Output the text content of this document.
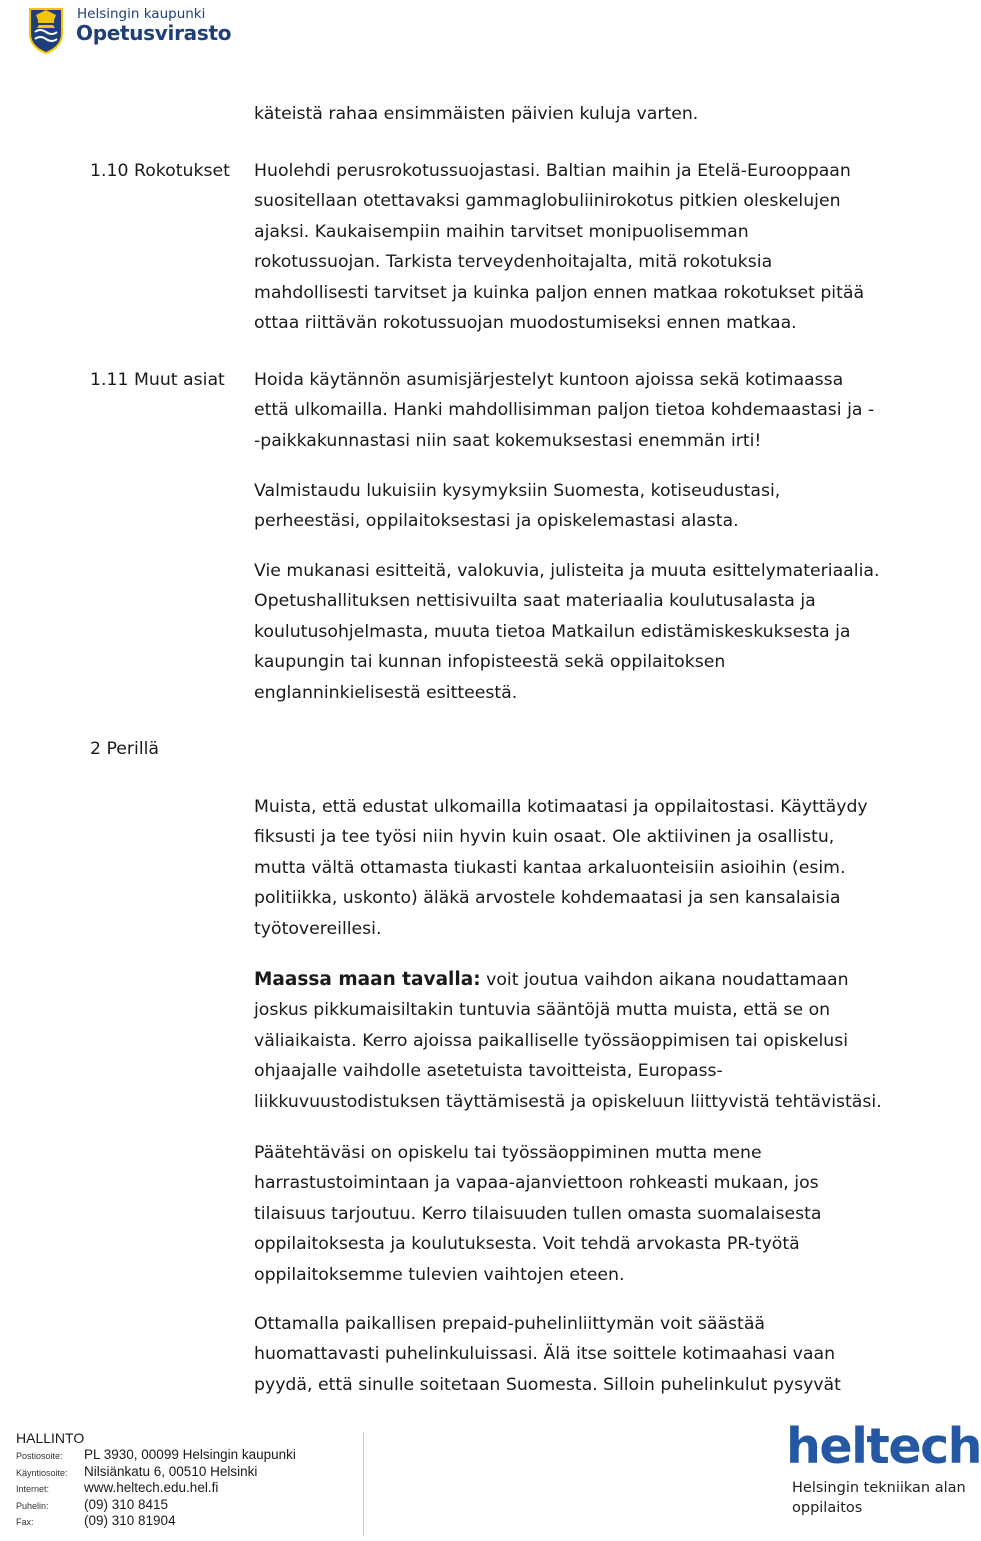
Helsingin kaupunki
Opetusvirasto

käteistä rahaa ensimmäisten päivien kuluja varten.

1.10 Rokotukset Huolehdi perusrokotussuojastasi. Baltian maihin ja Etelä-Eurooppaan

suositellaan otettavaksi gammaglobuliinirokotus pitkien oleskelujen

ajaksi. Kaukaisempiin maihin tarvitset monipuolisemman

rokotussuojan. Tarkista terveydenhoitajalta, mitä rokotuksia

mahdollisesti tarvitset ja kuinka paljon ennen matkaa rokotukset pitää

ottaa riittävän rokotussuojan muodostumiseksi ennen matkaa.

1.11 Muut asiat Hoida käytännön asumisjärjestelyt kuntoon ajoissa sekä kotimaassa

että ulkomailla. Hanki mahdollisimman paljon tietoa kohdemaastasi ja -

-paikkakunnastasi niin saat kokemuksestasi enemmän irti!

Valmistaudu lukuisiin kysymyksiin Suomesta, kotiseudustasi,

perheestäsi, oppilaitoksestasi ja opiskelemastasi alasta.

Vie mukanasi esitteitä, valokuvia, julisteita ja muuta esittelymateriaalia.

Opetushallituksen nettisivuilta saat materiaalia koulutusalasta ja

koulutusohjelmasta, muuta tietoa Matkailun edistämiskeskuksesta ja

kaupungin tai kunnan infopisteestä sekä oppilaitoksen

englanninkielisestä esitteestä.

2 Perillä

Muista, että edustat ulkomailla kotimaatasi ja oppilaitostasi. Käyttäydy

fiksusti ja tee työsi niin hyvin kuin osaat. Ole aktiivinen ja osallistu,

mutta vältä ottamasta tiukasti kantaa arkaluonteisiin asioihin (esim.

politiikka, uskonto) äläkä arvostele kohdemaatasi ja sen kansalaisia

työtovereillesi.

Maassa maan tavalla: voit joutua vaihdon aikana noudattamaan

joskus pikkumaisiltakin tuntuvia sääntöjä mutta muista, että se on

väliaikaista. Kerro ajoissa paikalliselle työssäoppimisen tai opiskelusi

ohjaajalle vaihdolle asetetuista tavoitteista, Europass-

liikkuvuustodistuksen täyttämisestä ja opiskeluun liittyvistä tehtävistäsi.

Päätehtäväsi on opiskelu tai työssäoppiminen mutta mene

harrastustoimintaan ja vapaa-ajanviettoon rohkeasti mukaan, jos

tilaisuus tarjoutuu. Kerro tilaisuuden tullen omasta suomalaisesta

oppilaitoksesta ja koulutuksesta. Voit tehdä arvokasta PR-työtä

oppilaitoksemme tulevien vaihtojen eteen.

Ottamalla paikallisen prepaid-puhelinliittymän voit säästää

huomattavasti puhelinkuluissasi. Älä itse soittele kotimaahasi vaan

pyydä, että sinulle soitetaan Suomesta. Silloin puhelinkulut pysyvät

HALLINTO
Postiosoite:	PL 3930, 00099 Helsingin kaupunki
Käyntiosoite:	Nilsiänkatu 6, 00510 Helsinki
Internet:	www.heltech.edu.hel.fi
Puhelin:	(09) 310 8415
Fax:	(09) 310 81904
heltech
Helsingin tekniikan alan
oppilaitos
